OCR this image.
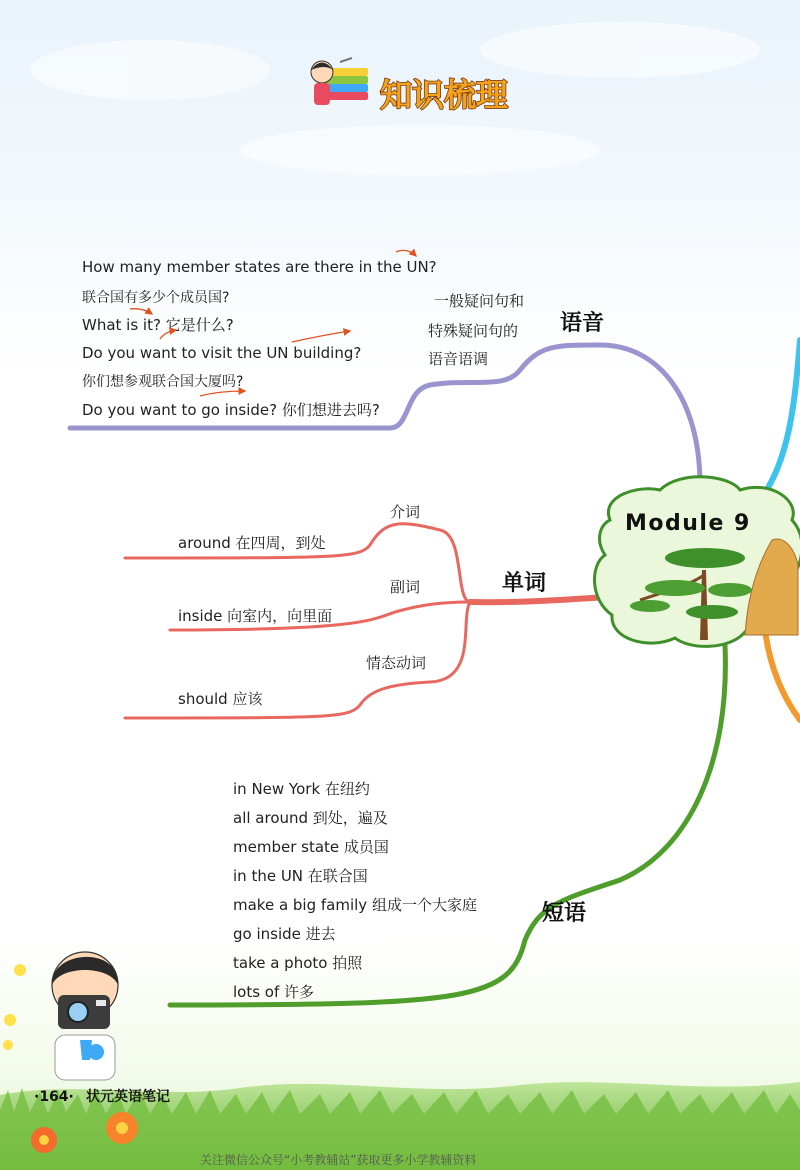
知识梳理
Module 9
语音
单词
短语
一般疑问句和
特殊疑问句的
语音语调
How many member states are there in the UN?
联合国有多少个成员国?
What is it? 它是什么?
Do you want to visit the UN building?
你们想参观联合国大厦吗?
Do you want to go inside? 你们想进去吗?
介词
around 在四周，到处
副词
inside 向室内，向里面
情态动词
should 应该
in New York 在纽约
all around 到处，遍及
member state 成员国
in the UN 在联合国
make a big family 组成一个大家庭
go inside 进去
take a photo 拍照
lots of 许多
·164· 状元英语笔记
关注微信公众号“小考教辅站”获取更多小学教辅资料
